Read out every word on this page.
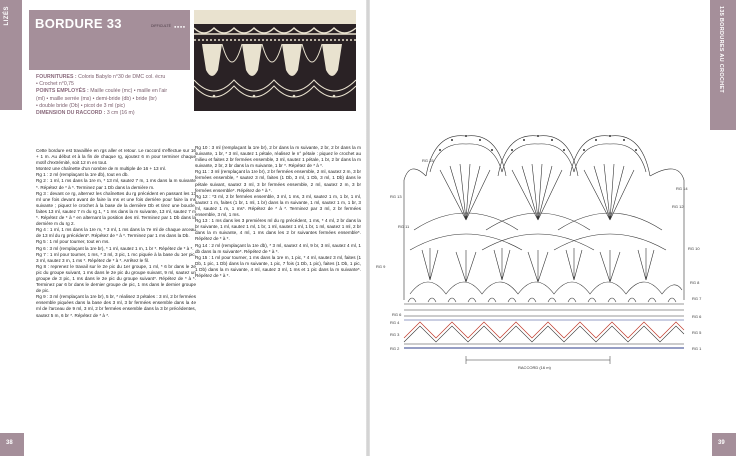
LIZÉS BORDURE 33	DIFFICULTÉ ●●●●
FOURNITURES : Coloris Babylo n°30 de DMC col. écru
• Crochet n°0,75
POINTS EMPLOYÉS : Maille coulée (mc) • maille en l'air
(ml) • maille serrée (ms) • demi-bride (db) • bride (br)
• double bride (Db) • picot de 3 ml (pic)
DIMENSION DU RACCORD : 3 cm (16 m)

Cette bordure est travaillée en rgs aller et retour. Le raccord s'effectue sur 16 + 1 m. Au début et à la fin de chaque rg, ajoutez 6 m pour terminer chaque motif d'extrémité, soit 12 m en tout.

Montez une chaînette d'un nombre de m multiple de 16 + 13 ml.

Rg 1 : 2 ml (remplaçant la 1re db), tout en db.

Rg 2 : 1 ml, 1 ms dans la 1re m, * 13 ml, sautez 7 m, 1 ms dans la m suivante *. Répétez de * à *. Terminez par 1 Db dans la dernière m.

Rg 3 : devant ce rg, alternez les chaînettes du rg précédent en passant les 13 ml une fois devant avant de faire la ms et une fois derrière pour faire la ms suivante ; piquez le crochet à la base de la dernière Db et tirez une boucle, faites 13 ml, sautez 7 m du rg 1, * 1 ms dans la m suivante, 13 ml, sautez 7 m *. Répétez de * à * en alternant la position des ml. Terminez par 1 Db dans la dernière m du rg 2.

Rg 4 : 1 ml, 1 ms dans la 1re m, * 3 ml, 1 ms dans la 7e ml de chaque arceau de 13 ml du rg précédent*. Répétez de * à *. Terminez par 1 ms dans la Db.

Rg 5 : 1 ml pour tourner, tout en ms.

Rg 6 : 3 ml (remplaçant la 1re br), * 1 ml, sautez 1 m, 1 br *. Répétez de * à *.

Rg 7 : 1 ml pour tourner, 1 ms, * 3 ml, 3 pic, 1 mc piquée à la base du 1er pic, 3 ml, sautez 3 m, 1 ms *. Répétez de * à *. Arrêtez le fil.

Rg 8 : reprenez le travail sur le 2e pic du 1er groupe, 1 ml, * 6 br dans le 2e pic du groupe suivant, 1 ms dans le 2e pic du groupe suivant, 9 ml, sautez un groupe de 3 pic, 1 ms dans le 2e pic du groupe suivant*. Répétez de * à *. Terminez par 6 br dans le dernier groupe de pic, 1 ms dans le dernier groupe de pic.

Rg 9 : 3 ml (remplaçant la 1re br), 5 br, * réalisez 3 pétales : 3 ml, 2 br fermées ensemble piquées dans la base des 3 ml, 3 br fermées ensemble dans la 4e ml de l'arceau de 9 ml, 3 ml, 2 br fermées ensemble dans la 3 br précédentes, sautez 5 m, 6 br *. Répétez de * à *.

Rg 10 : 3 ml (remplaçant la 1re br), 2 br dans la m suivante, 2 br, 2 br dans la m suivante, 1 br, * 3 ml, sautez 1 pétale, réalisez le n° pétale : piquez le crochet au milieu et faites 2 br fermées ensemble, 3 ml, sautez 1 pétale, 1 br, 2 br dans la m suivante, 2 br, 2 br dans la m suivante, 1 br *. Répétez de * à *.

Rg 11 : 3 ml (remplaçant la 1re br), 2 br fermées ensemble, 2 ml, sautez 2 m, 3 br fermées ensemble, * sautez 3 ml, faites (1 Db, 3 ml, 1 Db, 3 ml, 1 Db) dans le pétale suivant, sautez 3 ml, 3 br fermées ensemble, 2 ml, sautez 2 m, 3 br fermées ensemble*. Répétez de * à *.

Rg 12 : *3 ml, 2 br fermées ensemble, 3 ml, 1 ms, 3 ml, sautez 1 m, 1 br, 1 ml, sautez 1 m, faites (1 br, 1 ml, 1 br) dans la m suivante, 1 ml, sautez 1 m, 1 br, 3 ml, sautez 1 m, 1 ms*. Répétez de * à *. Terminez par 3 ml, 2 br fermées ensemble, 3 ml, 1 ms.

Rg 13 : 1 ms dans les 3 premières ml du rg précédent, 1 ms, * 4 ml, 2 br dans la br suivante, 1 ml, sautez 1 ml, 1 br, 1 ml, sautez 1 ml, 1 br, 1 ml, sautez 1 ml, 2 br dans la m suivante, 4 ml, 1 ms dans les 2 br suivantes fermées ensemble*. Répétez de * à *.

Rg 14 : 2 ml (remplaçant la 1re db), * 3 ml, sautez 4 ml, 9 br, 3 ml, sautez 4 ml, 1 db dans la m suivante*. Répétez de * à *.

Rg 15 : 1 ml pour tourner, 1 ms dans la 1re m, 1 pic, * 4 ml, sautez 3 ml, faites (1 Db, 1 pic, 1 Db) dans la m suivante, 1 pic, 7 fois (1 Db, 1 pic), faites (1 Db, 1 pic, 1 Db) dans la m suivante, 4 ml, sautez 3 ml, 1 ms et 1 pic dans la m suivante*. Répétez de * à *.

38
135 BORDURES AU CROCHET
RG 15
RG 13
RG 11
RG 14
RG 12
RG 10
RG 9
RG 8
RG 7
RG 6	RG 6
RG 4
RG 3	RG 5
RG 2	RG 1
RACCORD (16 m)
39
